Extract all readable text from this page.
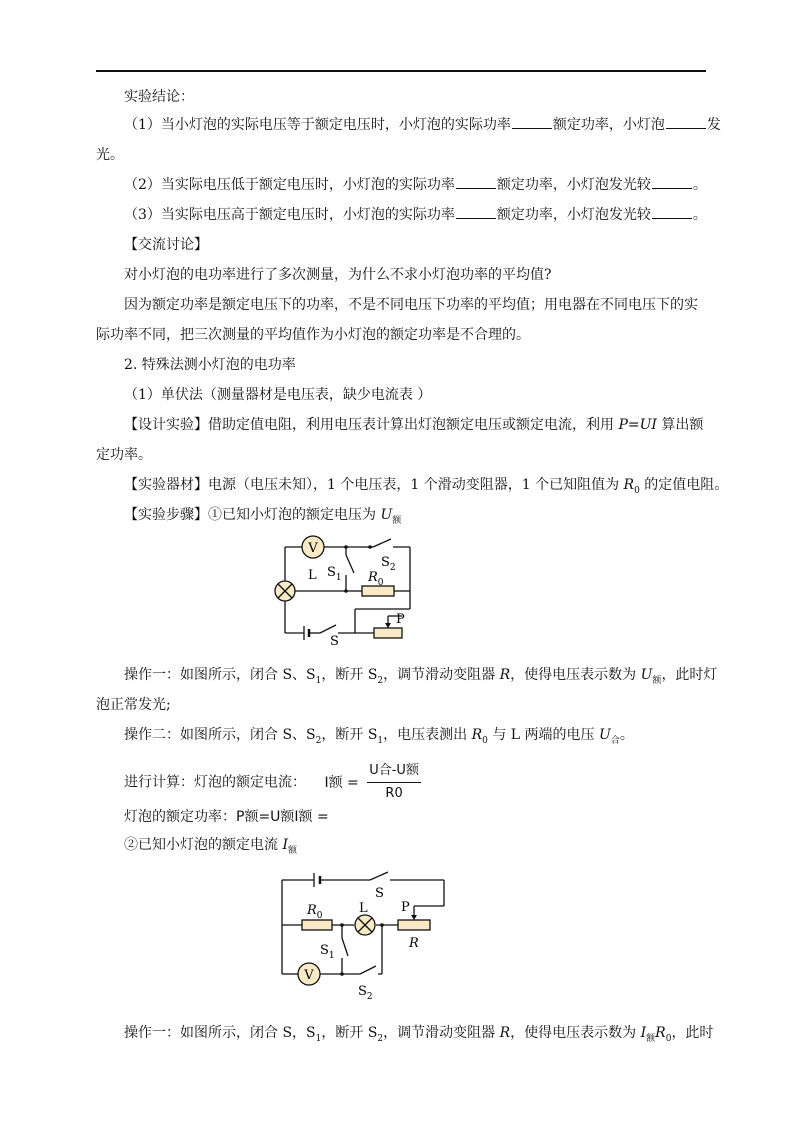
实验结论：
（1）当小灯泡的实际电压等于额定电压时，小灯泡的实际功率	额定功率，小灯泡	发
光。
（2）当实际电压低于额定电压时，小灯泡的实际功率	额定功率，小灯泡发光较	。
（3）当实际电压高于额定电压时，小灯泡的实际功率	额定功率，小灯泡发光较	。
【交流讨论】
对小灯泡的电功率进行了多次测量，为什么不求小灯泡功率的平均值?
因为额定功率是额定电压下的功率，不是不同电压下功率的平均值；用电器在不同电压下的实
际功率不同，把三次测量的平均值作为小灯泡的额定功率是不合理的。
2. 特殊法测小灯泡的电功率
（1）单伏法（测量器材是电压表，缺少电流表 ）
【设计实验】借助定值电阻，利用电压表计算出灯泡额定电压或额定电流，利用 P=UI 算出额
定功率。
【实验器材】电源（电压未知），1 个电压表，1 个滑动变阻器，1 个已知阻值为 $R_0$ 的定值电阻。
【实验步骤】①已知小灯泡的额定电压为 $U_额$
V
L $S_1$
$S_2$
$R_0$
P
S
操作一：如图所示，闭合 S、$S_1$，断开 $S_2$，调节滑动变阻器 R，使得电压表示数为 $U_额$，此时灯
泡正常发光;
操作二：如图所示，闭合 S、$S_2$，断开 $S_1$，电压表测出 $R_0$ 与 L 两端的电压 $U_合$。
进行计算：灯泡的额定电流： I额 = $\frac{\text{U合-U额}}{R0}$
灯泡的额定功率：P额=U额I额 =
②已知小灯泡的额定电流 $I_额$
V
S
P
$R_0$	L
R
$S_1$
$S_2$
操作一：如图所示，闭合 S，$S_1$，断开 $S_2$，调节滑动变阻器 R，使得电压表示数为 $I_额R_0$，此时
